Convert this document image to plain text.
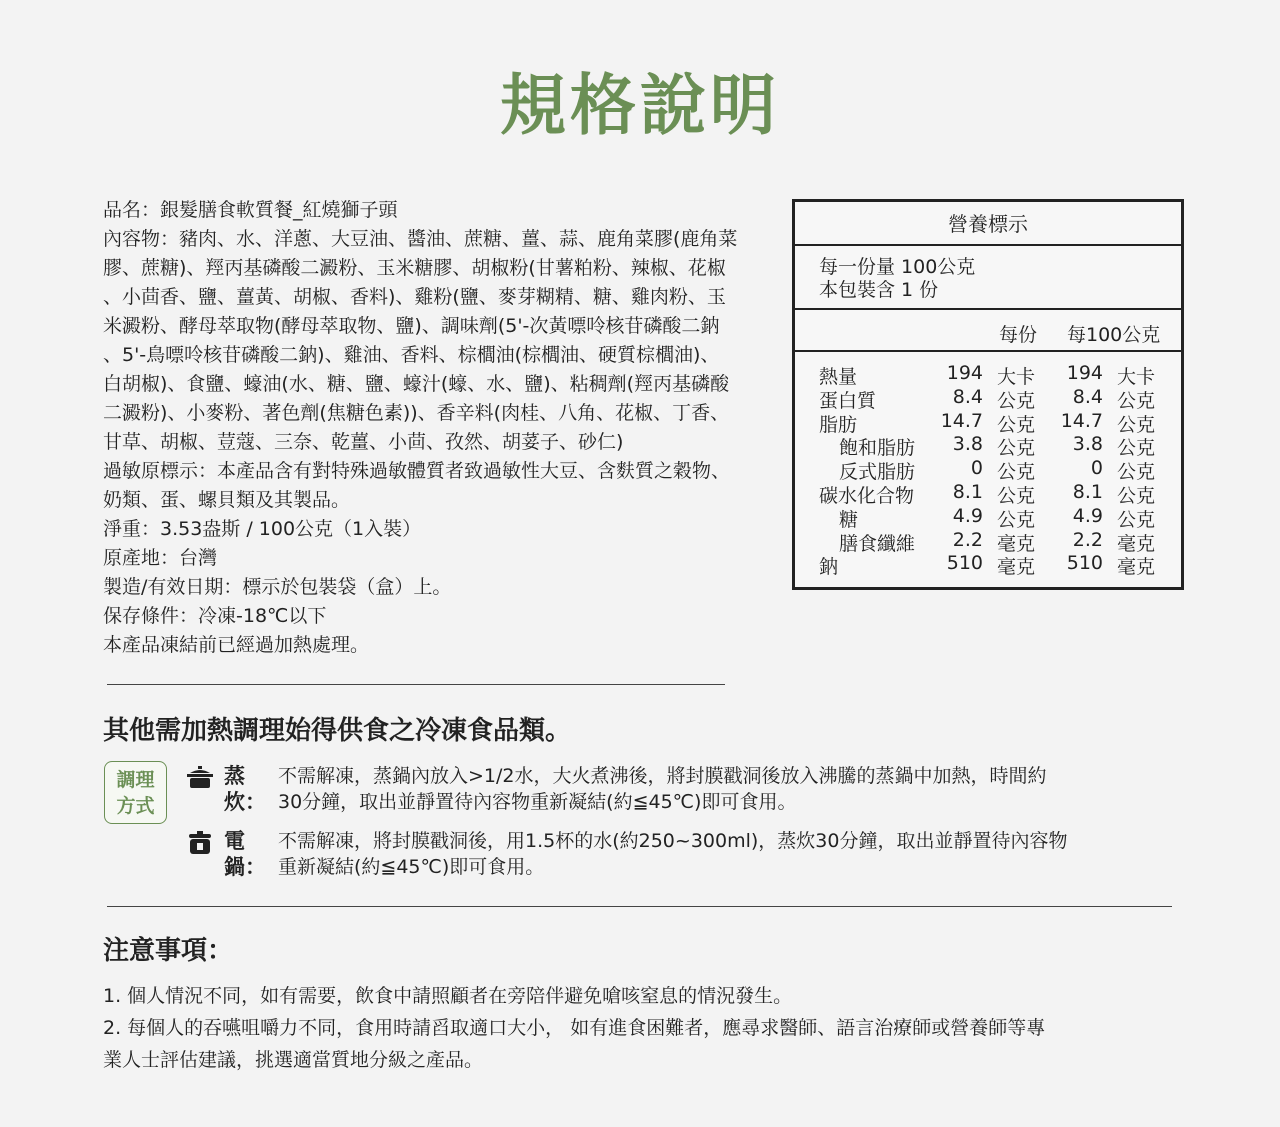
規格說明

品名：銀髮膳食軟質餐_紅燒獅子頭

內容物：豬肉、水、洋蔥、大豆油、醬油、蔗糖、薑、蒜、鹿角菜膠(鹿角菜

膠、蔗糖)、羥丙基磷酸二澱粉、玉米糖膠、胡椒粉(甘薯粕粉、辣椒、花椒

、小茴香、鹽、薑黃、胡椒、香料)、雞粉(鹽、麥芽糊精、糖、雞肉粉、玉

米澱粉、酵母萃取物(酵母萃取物、鹽)、調味劑(5'-次黃嘌呤核苷磷酸二鈉

、5'-鳥嘌呤核苷磷酸二鈉)、雞油、香料、棕櫚油(棕櫚油、硬質棕櫚油)、

白胡椒)、食鹽、蠔油(水、糖、鹽、蠔汁(蠔、水、鹽)、粘稠劑(羥丙基磷酸

二澱粉)、小麥粉、著色劑(焦糖色素))、香辛料(肉桂、八角、花椒、丁香、

甘草、胡椒、荳蔻、三奈、乾薑、小茴、孜然、胡荽子、砂仁)

過敏原標示：本產品含有對特殊過敏體質者致過敏性大豆、含麩質之穀物、

奶類、蛋、螺貝類及其製品。

淨重：3.53盎斯 / 100公克（1入裝）

原產地：台灣

製造/有效日期：標示於包裝袋（盒）上。

保存條件：冷凍-18℃以下

本產品凍結前已經過加熱處理。

營養標示
每一份量 100公克
本包裝含 1 份
每份 每100公克
熱量	194 大卡 194 大卡
蛋白質	8.4 公克 8.4 公克
脂肪	14.7 公克 14.7 公克
飽和脂肪 3.8 公克 3.8 公克
反式脂肪	0 公克	0 公克
碳水化合物 8.1 公克 8.1 公克
糖	4.9 公克 4.9 公克
膳食纖維 2.2 毫克 2.2 毫克
鈉	510 毫克 510 毫克
其他需加熱調理始得供食之冷凍食品類。
調理
方式
蒸炊：
不需解凍，蒸鍋內放入>1/2水，大火煮沸後，將封膜戳洞後放入沸騰的蒸鍋中加熱，時間約
30分鐘，取出並靜置待內容物重新凝結(約≦45℃)即可食用。
電鍋：
不需解凍，將封膜戳洞後，用1.5杯的水(約250~300ml)，蒸炊30分鐘，取出並靜置待內容物
重新凝結(約≦45℃)即可食用。
注意事項：
1. 個人情況不同，如有需要，飲食中請照顧者在旁陪伴避免嗆咳窒息的情況發生。
2. 每個人的吞嚥咀嚼力不同，食用時請舀取適口大小， 如有進食困難者，應尋求醫師、語言治療師或營養師等專
業人士評估建議，挑選適當質地分級之產品。
